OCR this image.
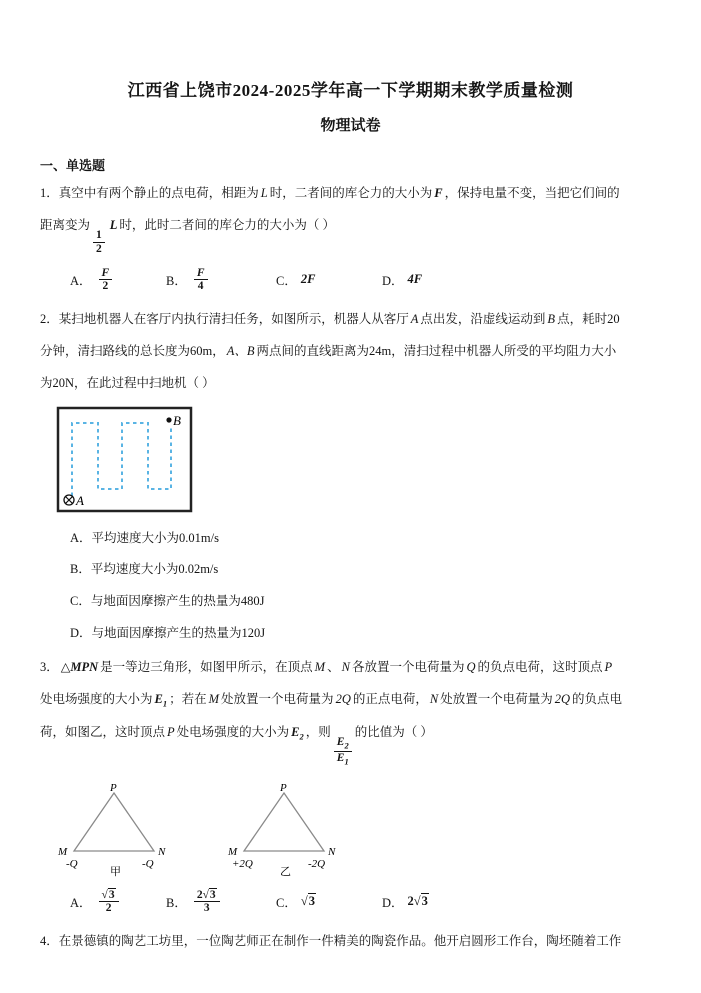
江西省上饶市2024-2025学年高一下学期期末教学质量检测
物理试卷
一、单选题

1．真空中有两个静止的点电荷，相距为 L 时，二者间的库仑力的大小为 F ，保持电量不变，当把它们间的

距离变为
$\frac{1}{2}$
L 时，此时二者间的库仑力的大小为（ ）

A． $\frac{F}{2}$	B． $\frac{F}{4}$	C． 2F	D． 4F

2．某扫地机器人在客厅内执行清扫任务，如图所示，机器人从客厅 A 点出发，沿虚线运动到 B 点，耗时20

分钟，清扫路线的总长度为60m， A、B 两点间的直线距离为24m，清扫过程中机器人所受的平均阻力大小

为20N，在此过程中扫地机（ ）

A
B

A．平均速度大小为0.01m/s

B．平均速度大小为0.02m/s

C．与地面因摩擦产生的热量为480J

D．与地面因摩擦产生的热量为120J

3． △MPN 是一等边三角形，如图甲所示，在顶点 M 、 N 各放置一个电荷量为 Q 的负点电荷，这时顶点 P

处电场强度的大小为 $E_1$ ；若在 M 处放置一个电荷量为 2Q 的正点电荷， N 处放置一个电荷量为 2Q 的负点电

荷，如图乙，这时顶点 P 处电场强度的大小为 $E_2$ ，则
$\frac{E_2}{E_1}$
的比值为（ ）

P
M	N
-Q	-Q
甲
P
M	N
+2Q	-2Q
乙
A． $\frac{√3}{2}$	B． $\frac{2√3}{3}$	C． √3	D． 2√3

4．在景德镇的陶艺工坊里，一位陶艺师正在制作一件精美的陶瓷作品。他开启圆形工作台，陶坯随着工作
